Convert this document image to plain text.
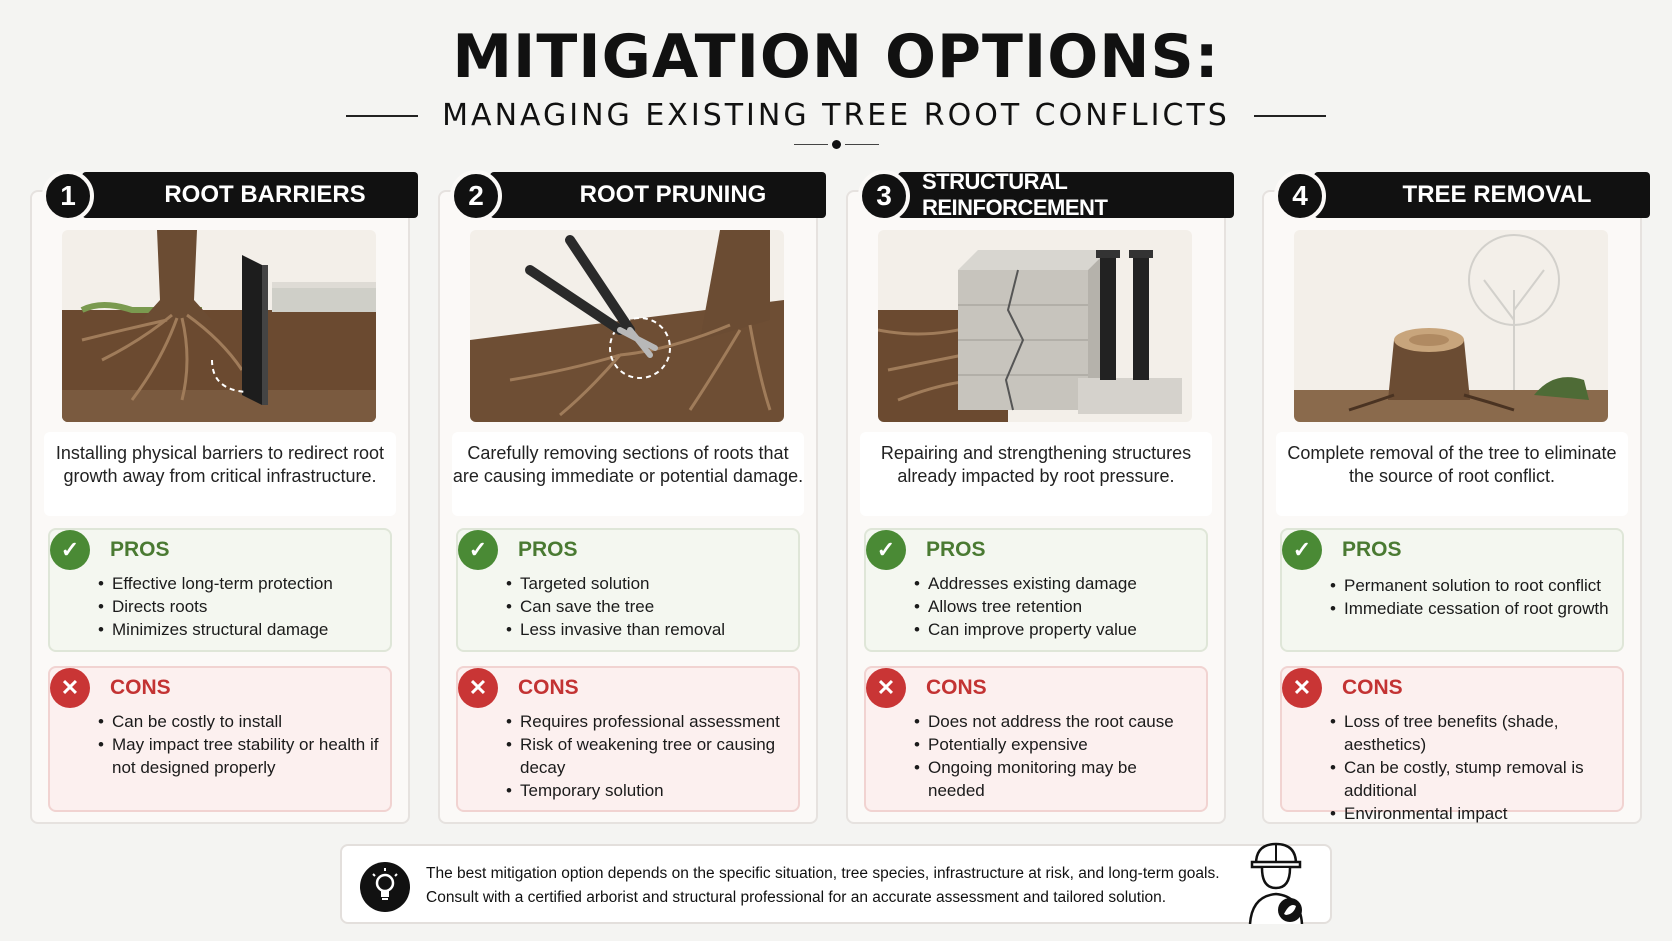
MITIGATION OPTIONS:
MANAGING EXISTING TREE ROOT CONFLICTS
1	ROOT BARRIERS
Installing physical barriers to redirect root growth away from critical infrastructure.
✓	PROS
• Effective long-term protection
• Directs roots
• Minimizes structural damage
✕	CONS
• Can be costly to install
• May impact tree stability or health if not designed properly
2	ROOT PRUNING
Carefully removing sections of roots that are causing immediate or potential damage.
✓	PROS
• Targeted solution
• Can save the tree
• Less invasive than removal
✕	CONS
• Requires professional assessment
• Risk of weakening tree or causing decay
• Temporary solution
3	STRUCTURAL REINFORCEMENT
Repairing and strengthening structures already impacted by root pressure.
✓	PROS
• Addresses existing damage
• Allows tree retention
• Can improve property value
✕	CONS
• Does not address the root cause
• Potentially expensive
• Ongoing monitoring may be needed
4	TREE REMOVAL
Complete removal of the tree to eliminate the source of root conflict.
✓	PROS
• Permanent solution to root conflict
• Immediate cessation of root growth
✕	CONS
• Loss of tree benefits (shade, aesthetics)
• Can be costly, stump removal is additional
• Environmental impact
The best mitigation option depends on the specific situation, tree species, infrastructure at risk, and long-term goals.
Consult with a certified arborist and structural professional for an accurate assessment and tailored solution.
